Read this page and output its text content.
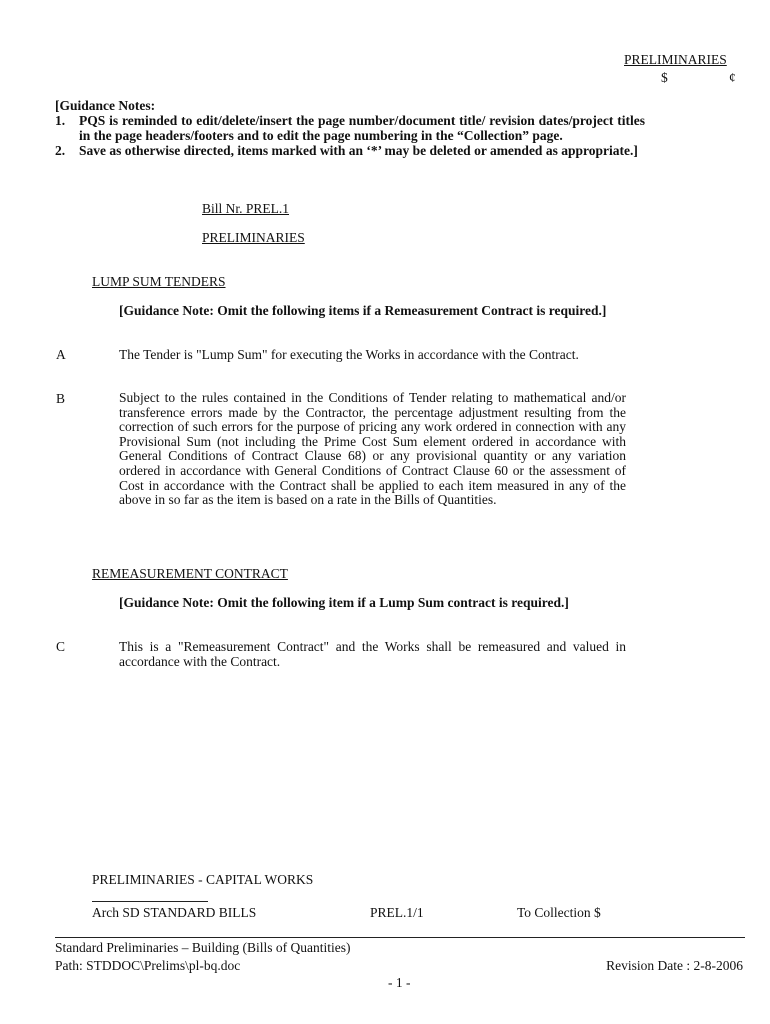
PRELIMINARIES
$	¢
[Guidance Notes:
1. PQS is reminded to edit/delete/insert the page number/document title/ revision dates/project titles in the page headers/footers and to edit the page numbering in the “Collection” page.
2. Save as otherwise directed, items marked with an ‘*’ may be deleted or amended as appropriate.]
Bill Nr. PREL.1
PRELIMINARIES
LUMP SUM TENDERS
[Guidance Note: Omit the following items if a Remeasurement Contract is required.]
A	The Tender is "Lump Sum" for executing the Works in accordance with the Contract.
B	Subject to the rules contained in the Conditions of Tender relating to mathematical and/or transference errors made by the Contractor, the percentage adjustment resulting from the correction of such errors for the purpose of pricing any work ordered in connection with any Provisional Sum (not including the Prime Cost Sum element ordered in accordance with General Conditions of Contract Clause 68) or any provisional quantity or any variation ordered in accordance with General Conditions of Contract Clause 60 or the assessment of Cost in accordance with the Contract shall be applied to each item measured in any of the above in so far as the item is based on a rate in the Bills of Quantities.
REMEASUREMENT CONTRACT
[Guidance Note: Omit the following item if a Lump Sum contract is required.]
C	This is a "Remeasurement Contract" and the Works shall be remeasured and valued in accordance with the Contract.
PRELIMINARIES - CAPITAL WORKS
Arch SD STANDARD BILLS	PREL.1/1	To Collection $
Standard Preliminaries – Building (Bills of Quantities)
Path: STDDOC\Prelims\pl-bq.doc	Revision Date : 2-8-2006
- 1 -
